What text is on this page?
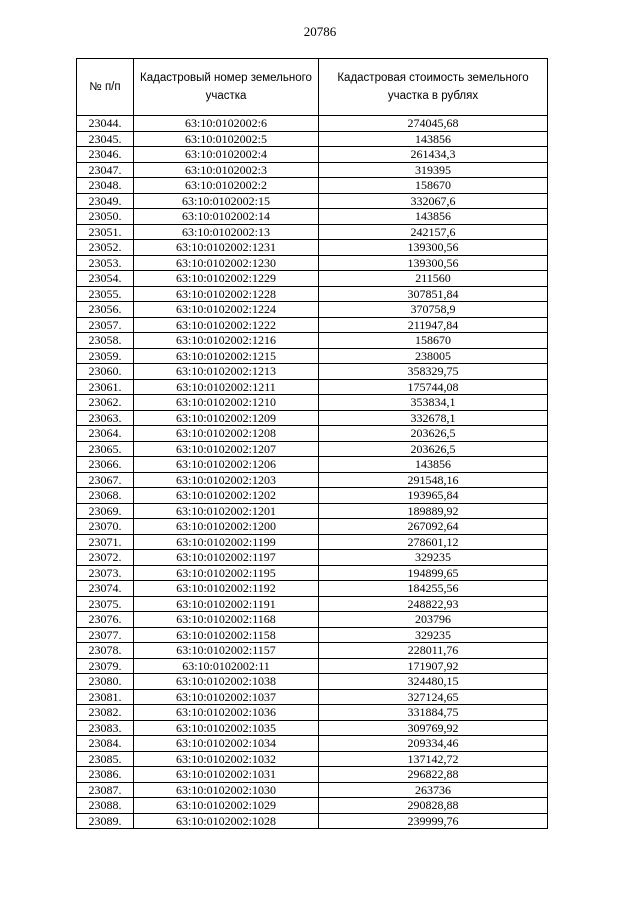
20786
№ п/п	Кадастровый номер земельного участка	Кадастровая стоимость земельного участка в рублях
23044.	63:10:0102002:6	274045,68
23045.	63:10:0102002:5	143856
23046.	63:10:0102002:4	261434,3
23047.	63:10:0102002:3	319395
23048.	63:10:0102002:2	158670
23049.	63:10:0102002:15	332067,6
23050.	63:10:0102002:14	143856
23051.	63:10:0102002:13	242157,6
23052.	63:10:0102002:1231	139300,56
23053.	63:10:0102002:1230	139300,56
23054.	63:10:0102002:1229	211560
23055.	63:10:0102002:1228	307851,84
23056.	63:10:0102002:1224	370758,9
23057.	63:10:0102002:1222	211947,84
23058.	63:10:0102002:1216	158670
23059.	63:10:0102002:1215	238005
23060.	63:10:0102002:1213	358329,75
23061.	63:10:0102002:1211	175744,08
23062.	63:10:0102002:1210	353834,1
23063.	63:10:0102002:1209	332678,1
23064.	63:10:0102002:1208	203626,5
23065.	63:10:0102002:1207	203626,5
23066.	63:10:0102002:1206	143856
23067.	63:10:0102002:1203	291548,16
23068.	63:10:0102002:1202	193965,84
23069.	63:10:0102002:1201	189889,92
23070.	63:10:0102002:1200	267092,64
23071.	63:10:0102002:1199	278601,12
23072.	63:10:0102002:1197	329235
23073.	63:10:0102002:1195	194899,65
23074.	63:10:0102002:1192	184255,56
23075.	63:10:0102002:1191	248822,93
23076.	63:10:0102002:1168	203796
23077.	63:10:0102002:1158	329235
23078.	63:10:0102002:1157	228011,76
23079.	63:10:0102002:11	171907,92
23080.	63:10:0102002:1038	324480,15
23081.	63:10:0102002:1037	327124,65
23082.	63:10:0102002:1036	331884,75
23083.	63:10:0102002:1035	309769,92
23084.	63:10:0102002:1034	209334,46
23085.	63:10:0102002:1032	137142,72
23086.	63:10:0102002:1031	296822,88
23087.	63:10:0102002:1030	263736
23088.	63:10:0102002:1029	290828,88
23089.	63:10:0102002:1028	239999,76
